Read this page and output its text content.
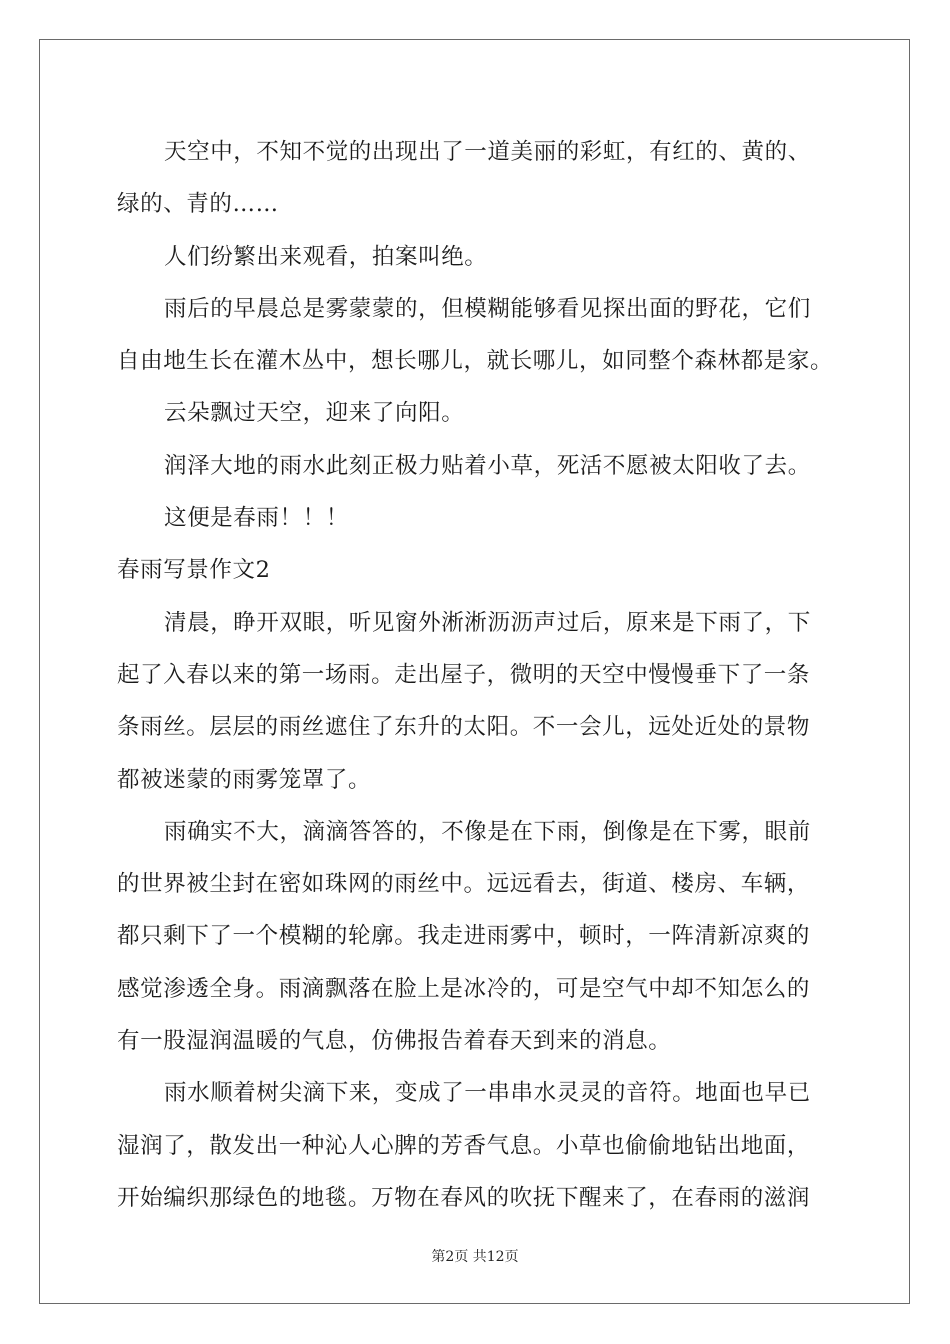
天空中，不知不觉的出现出了一道美丽的彩虹，有红的、黄的、
绿的、青的……
人们纷繁出来观看，拍案叫绝。
雨后的早晨总是雾蒙蒙的，但模糊能够看见探出面的野花，它们
自由地生长在灌木丛中，想长哪儿，就长哪儿，如同整个森林都是家。
云朵飘过天空，迎来了向阳。
润泽大地的雨水此刻正极力贴着小草，死活不愿被太阳收了去。
这便是春雨！！！
春雨写景作文2
清晨，睁开双眼，听见窗外淅淅沥沥声过后，原来是下雨了，下
起了入春以来的第一场雨。走出屋子，微明的天空中慢慢垂下了一条
条雨丝。层层的雨丝遮住了东升的太阳。不一会儿，远处近处的景物
都被迷蒙的雨雾笼罩了。
雨确实不大，滴滴答答的，不像是在下雨，倒像是在下雾，眼前
的世界被尘封在密如珠网的雨丝中。远远看去，街道、楼房、车辆，
都只剩下了一个模糊的轮廓。我走进雨雾中，顿时，一阵清新凉爽的
感觉渗透全身。雨滴飘落在脸上是冰冷的，可是空气中却不知怎么的
有一股湿润温暖的气息，仿佛报告着春天到来的消息。
雨水顺着树尖滴下来，变成了一串串水灵灵的音符。地面也早已
湿润了，散发出一种沁人心脾的芳香气息。小草也偷偷地钻出地面，
开始编织那绿色的地毯。万物在春风的吹抚下醒来了，在春雨的滋润
第2页 共12页
